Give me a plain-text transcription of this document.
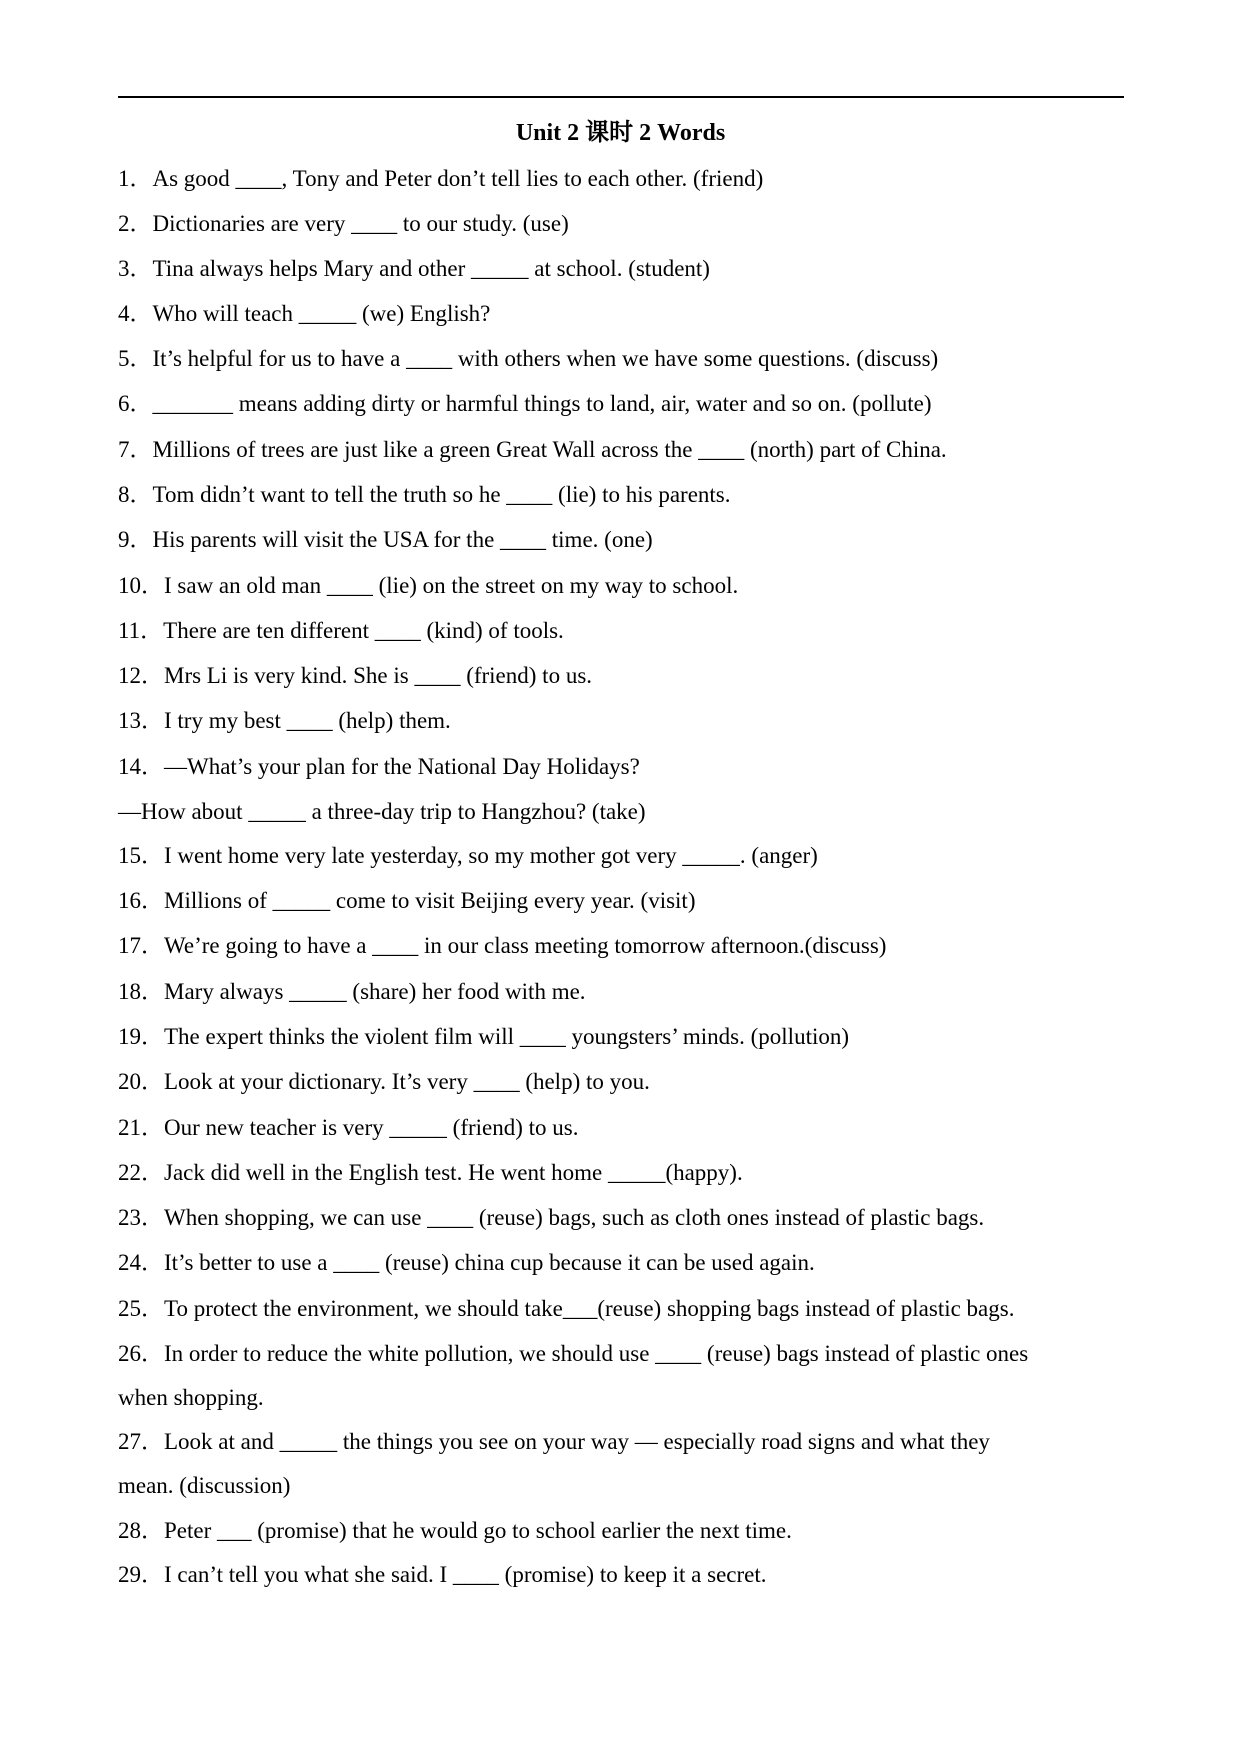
Unit 2 课时 2 Words
1．As good ____, Tony and Peter don’t tell lies to each other. (friend)
2．Dictionaries are very ____ to our study. (use)
3．Tina always helps Mary and other _____ at school. (student)
4．Who will teach _____ (we) English?
5．It’s helpful for us to have a ____ with others when we have some questions. (discuss)
6．_______ means adding dirty or harmful things to land, air, water and so on. (pollute)
7．Millions of trees are just like a green Great Wall across the ____ (north) part of China.
8．Tom didn’t want to tell the truth so he ____ (lie) to his parents.
9．His parents will visit the USA for the ____ time. (one)
10．I saw an old man ____ (lie) on the street on my way to school.
11．There are ten different ____ (kind) of tools.
12．Mrs Li is very kind. She is ____ (friend) to us.
13．I try my best ____ (help) them.
14．—What’s your plan for the National Day Holidays?
—How about _____ a three-day trip to Hangzhou? (take)
15．I went home very late yesterday, so my mother got very _____. (anger)
16．Millions of _____ come to visit Beijing every year. (visit)
17．We’re going to have a ____ in our class meeting tomorrow afternoon.(discuss)
18．Mary always _____ (share) her food with me.
19．The expert thinks the violent film will ____ youngsters’ minds. (pollution)
20．Look at your dictionary. It’s very ____ (help) to you.
21．Our new teacher is very _____ (friend) to us.
22．Jack did well in the English test. He went home _____(happy).
23．When shopping, we can use ____ (reuse) bags, such as cloth ones instead of plastic bags.
24．It’s better to use a ____ (reuse) china cup because it can be used again.
25．To protect the environment, we should take___(reuse) shopping bags instead of plastic bags.
26．In order to reduce the white pollution, we should use ____ (reuse) bags instead of plastic ones
when shopping.
27．Look at and _____ the things you see on your way — especially road signs and what they
mean. (discussion)
28．Peter ___ (promise) that he would go to school earlier the next time.
29．I can’t tell you what she said. I ____ (promise) to keep it a secret.
